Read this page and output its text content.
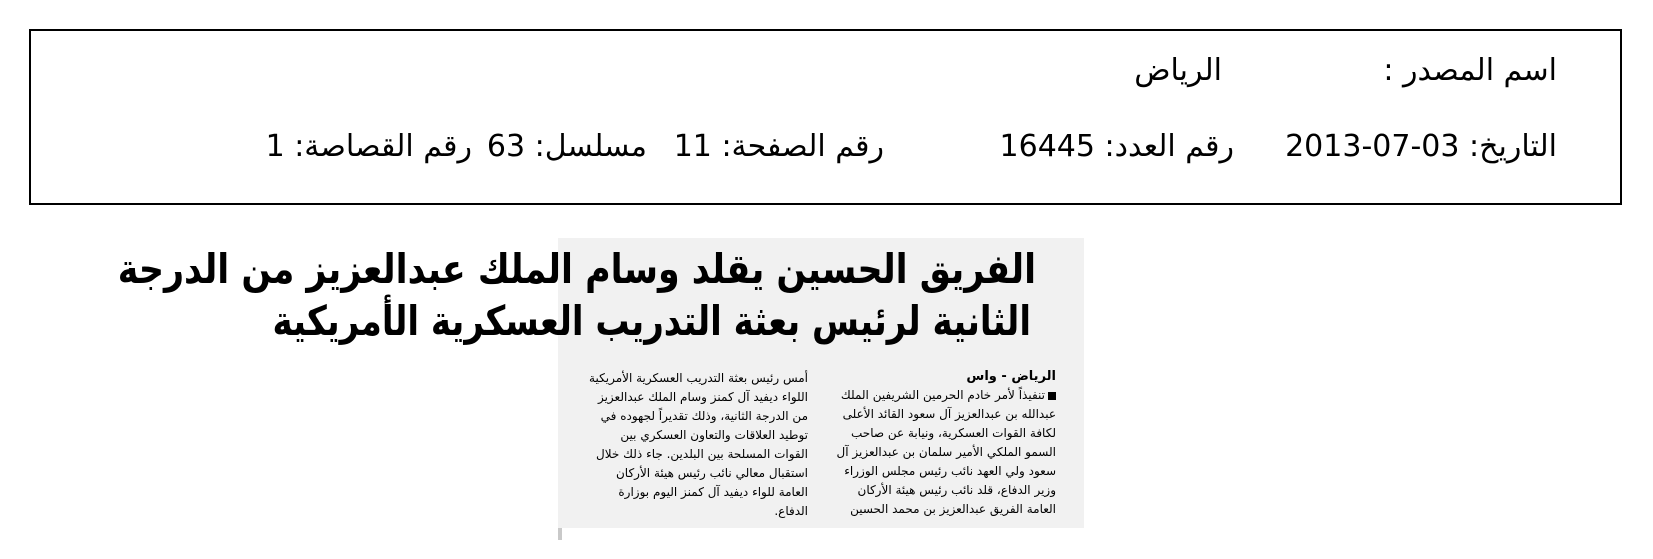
اسم المصدر :
الرياض
التاريخ: 03-07-2013
رقم العدد: 16445
رقم الصفحة: 11
مسلسل: 63
رقم القصاصة: 1
الفريق الحسين يقلد وسام الملك عبدالعزيز من الدرجة
الثانية لرئيس بعثة التدريب العسكرية الأمريكية
الرياض - واس
تنفيذاً لأمر خادم الحرمين الشريفين الملك
عبدالله بن عبدالعزيز آل سعود القائد الأعلى
لكافة القوات العسكرية، ونيابة عن صاحب
السمو الملكي الأمير سلمان بن عبدالعزيز آل
سعود ولي العهد نائب رئيس مجلس الوزراء
وزير الدفاع، قلد نائب رئيس هيئة الأركان
العامة الفريق عبدالعزيز بن محمد الحسين
أمس رئيس بعثة التدريب العسكرية الأمريكية
اللواء ديفيد آل كمنز وسام الملك عبدالعزيز
من الدرجة الثانية، وذلك تقديراً لجهوده في
توطيد العلاقات والتعاون العسكري بين
القوات المسلحة بين البلدين. جاء ذلك خلال
استقبال معالي نائب رئيس هيئة الأركان
العامة للواء ديفيد آل كمنز اليوم بوزارة
الدفاع.
